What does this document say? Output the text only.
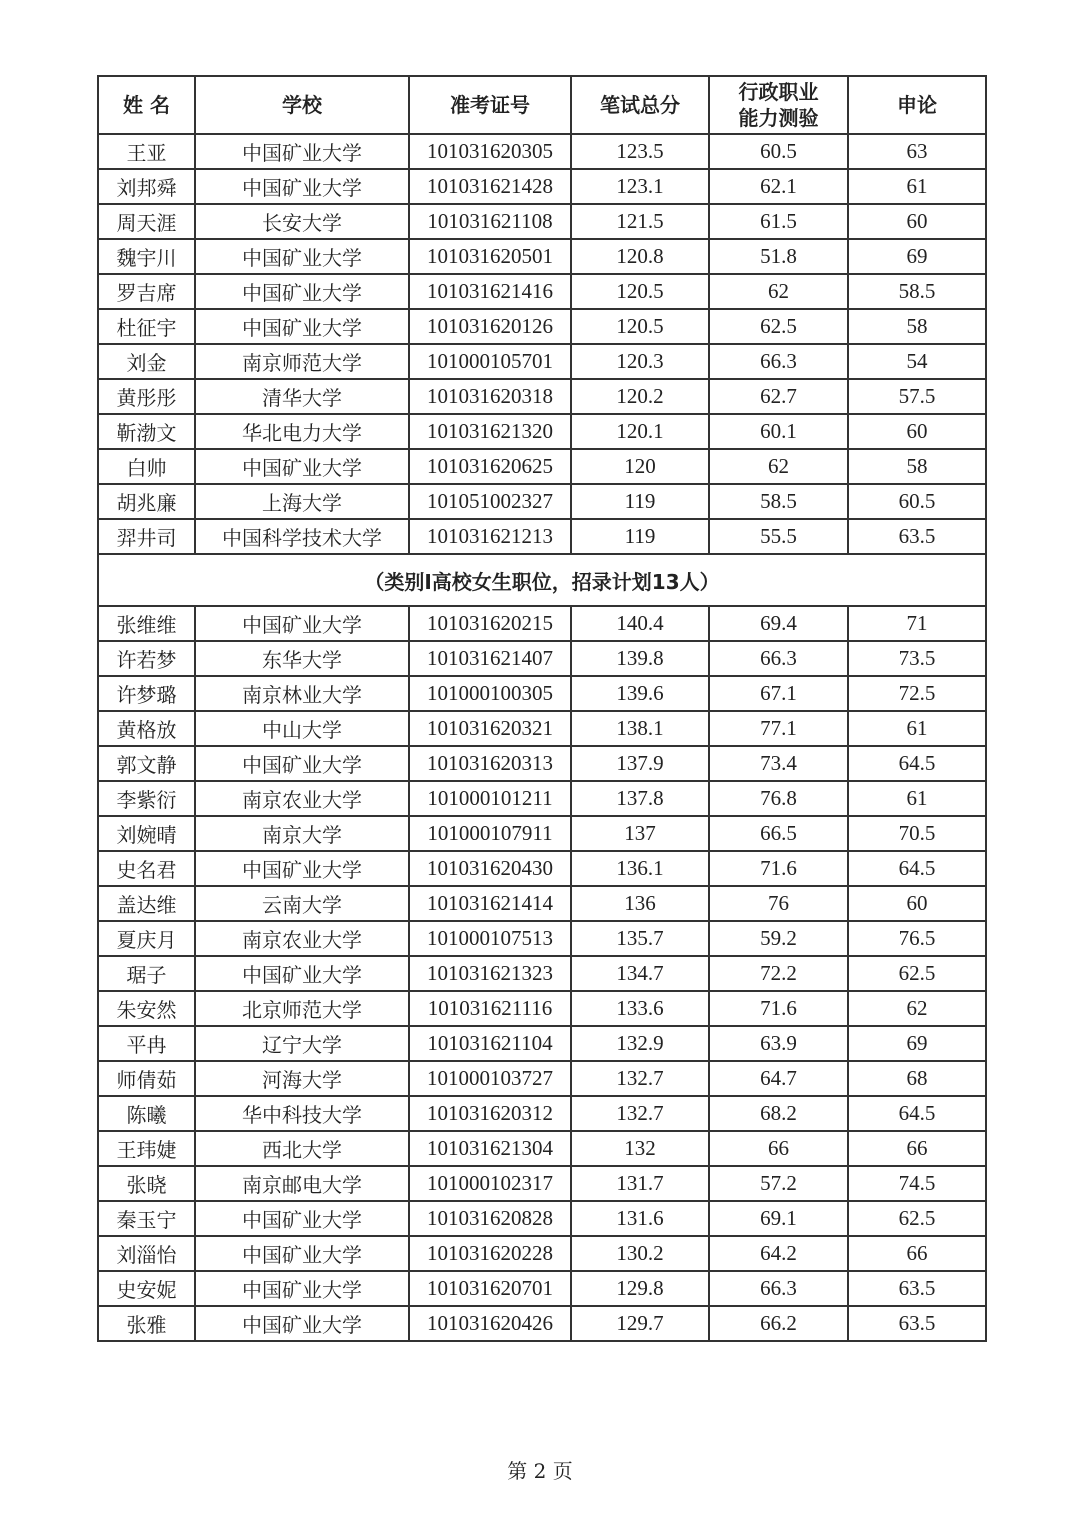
姓 名	学校	准考证号	笔试总分	行政职业能力测验	申论
王亚	中国矿业大学	101031620305	123.5	60.5	63
刘邦舜	中国矿业大学	101031621428	123.1	62.1	61
周天涯	长安大学	101031621108	121.5	61.5	60
魏宇川	中国矿业大学	101031620501	120.8	51.8	69
罗吉席	中国矿业大学	101031621416	120.5	62	58.5
杜征宇	中国矿业大学	101031620126	120.5	62.5	58
刘金	南京师范大学	101000105701	120.3	66.3	54
黄彤彤	清华大学	101031620318	120.2	62.7	57.5
靳渤文	华北电力大学	101031621320	120.1	60.1	60
白帅	中国矿业大学	101031620625	120	62	58
胡兆廉	上海大学	101051002327	119	58.5	60.5
羿井司	中国科学技术大学	101031621213	119	55.5	63.5
（类别I高校女生职位，招录计划13人）					
张维维	中国矿业大学	101031620215	140.4	69.4	71
许若梦	东华大学	101031621407	139.8	66.3	73.5
许梦璐	南京林业大学	101000100305	139.6	67.1	72.5
黄格放	中山大学	101031620321	138.1	77.1	61
郭文静	中国矿业大学	101031620313	137.9	73.4	64.5
李紫衍	南京农业大学	101000101211	137.8	76.8	61
刘婉晴	南京大学	101000107911	137	66.5	70.5
史名君	中国矿业大学	101031620430	136.1	71.6	64.5
盖达维	云南大学	101031621414	136	76	60
夏庆月	南京农业大学	101000107513	135.7	59.2	76.5
琚子	中国矿业大学	101031621323	134.7	72.2	62.5
朱安然	北京师范大学	101031621116	133.6	71.6	62
平冉	辽宁大学	101031621104	132.9	63.9	69
师倩茹	河海大学	101000103727	132.7	64.7	68
陈曦	华中科技大学	101031620312	132.7	68.2	64.5
王玮婕	西北大学	101031621304	132	66	66
张晓	南京邮电大学	101000102317	131.7	57.2	74.5
秦玉宁	中国矿业大学	101031620828	131.6	69.1	62.5
刘淄怡	中国矿业大学	101031620228	130.2	64.2	66
史安妮	中国矿业大学	101031620701	129.8	66.3	63.5
张雅	中国矿业大学	101031620426	129.7	66.2	63.5
第 2 页
